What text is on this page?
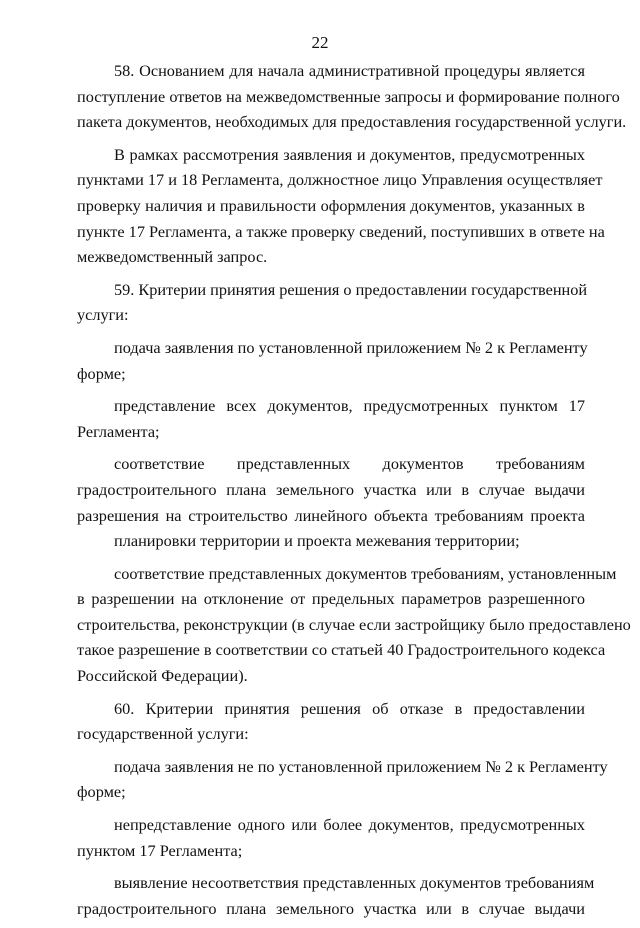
22
58. Основанием для начала административной процедуры является
поступление ответов на межведомственные запросы и формирование полного
пакета документов, необходимых для предоставления государственной услуги.
В рамках рассмотрения заявления и документов, предусмотренных
пунктами 17 и 18 Регламента, должностное лицо Управления осуществляет
проверку наличия и правильности оформления документов, указанных в
пункте 17 Регламента, а также проверку сведений, поступивших в ответе на
межведомственный запрос.
59. Критерии принятия решения о предоставлении государственной
услуги:
подача заявления по установленной приложением № 2 к Регламенту
форме;
представление всех документов, предусмотренных пунктом 17
Регламента;
соответствие представленных документов требованиям
градостроительного плана земельного участка или в случае выдачи
разрешения на строительство линейного объекта требованиям проекта
планировки территории и проекта межевания территории;
соответствие представленных документов требованиям, установленным
в разрешении на отклонение от предельных параметров разрешенного
строительства, реконструкции (в случае если застройщику было предоставлено
такое разрешение в соответствии со статьей 40 Градостроительного кодекса
Российской Федерации).
60. Критерии принятия решения об отказе в предоставлении
государственной услуги:
подача заявления не по установленной приложением № 2 к Регламенту
форме;
непредставление одного или более документов, предусмотренных
пунктом 17 Регламента;
выявление несоответствия представленных документов требованиям
градостроительного плана земельного участка или в случае выдачи
